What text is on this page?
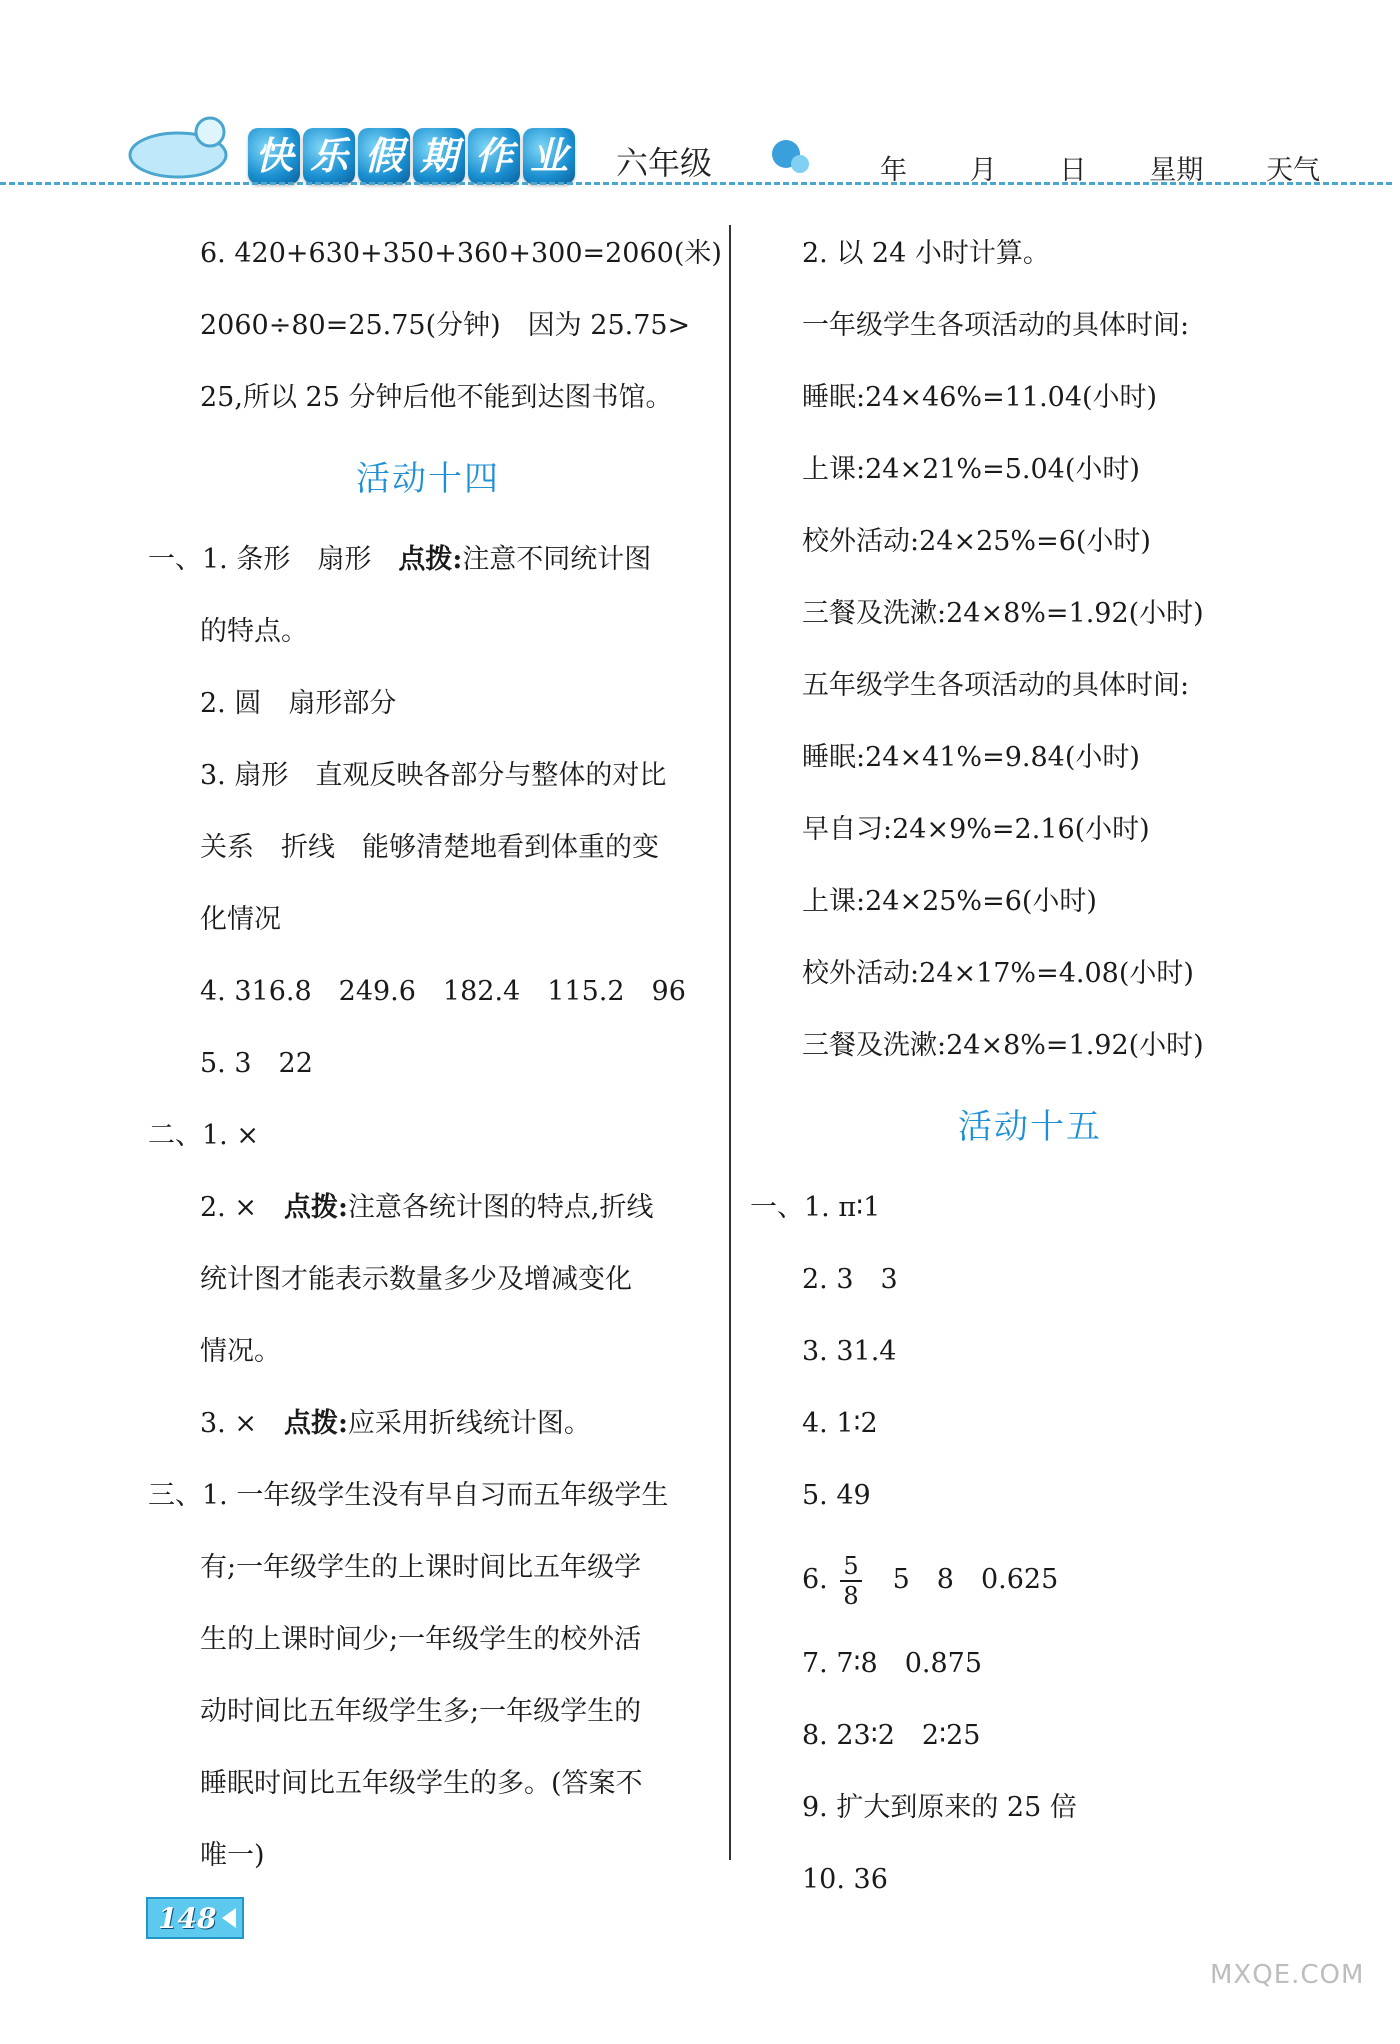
快 乐 假 期 作 业 六年级	年 月 日 星期 天气
6. 420+630+350+360+300=2060(米)
2060÷80=25.75(分钟)　因为 25.75>
25,所以 25 分钟后他不能到达图书馆。
活动十四
一、1. 条形　扇形　点拨:注意不同统计图
的特点。
2. 圆　扇形部分
3. 扇形　直观反映各部分与整体的对比
关系　折线　能够清楚地看到体重的变
化情况
4. 316.8　249.6　182.4　115.2　96
5. 3　22
二、1. ×
2. ×　点拨:注意各统计图的特点,折线
统计图才能表示数量多少及增减变化
情况。
3. ×　点拨:应采用折线统计图。
三、1. 一年级学生没有早自习而五年级学生
有;一年级学生的上课时间比五年级学
生的上课时间少;一年级学生的校外活
动时间比五年级学生多;一年级学生的
睡眠时间比五年级学生的多。(答案不
唯一)
2. 以 24 小时计算。
一年级学生各项活动的具体时间:
睡眠:24×46%=11.04(小时)
上课:24×21%=5.04(小时)
校外活动:24×25%=6(小时)
三餐及洗漱:24×8%=1.92(小时)
五年级学生各项活动的具体时间:
睡眠:24×41%=9.84(小时)
早自习:24×9%=2.16(小时)
上课:24×25%=6(小时)
校外活动:24×17%=4.08(小时)
三餐及洗漱:24×8%=1.92(小时)
活动十五
一、1. π∶1
2. 3　3
3. 31.4
4. 1∶2
5. 49
6. $\frac{5}{8}$ 　5　8　0.625
7. 7∶8　0.875
8. 23∶2　2∶25
9. 扩大到原来的 25 倍
10. 36
148
MXQE.COM
